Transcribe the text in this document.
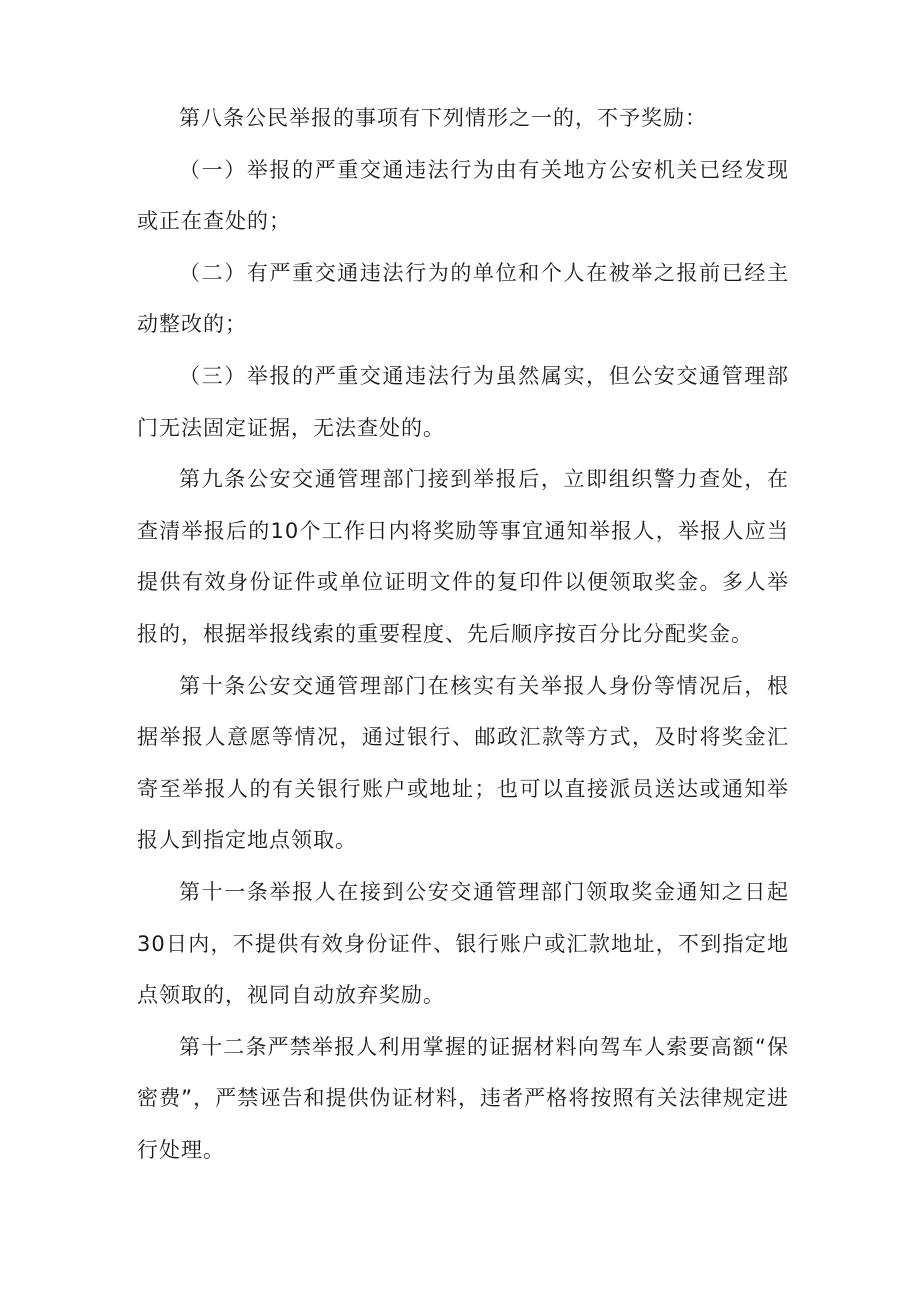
第八条公民举报的事项有下列情形之一的，不予奖励：

（一）举报的严重交通违法行为由有关地方公安机关已经发现或正在查处的；

（二）有严重交通违法行为的单位和个人在被举之报前已经主动整改的；

（三）举报的严重交通违法行为虽然属实，但公安交通管理部门无法固定证据，无法查处的。

第九条公安交通管理部门接到举报后，立即组织警力查处，在查清举报后的10个工作日内将奖励等事宜通知举报人，举报人应当提供有效身份证件或单位证明文件的复印件以便领取奖金。多人举报的，根据举报线索的重要程度、先后顺序按百分比分配奖金。

第十条公安交通管理部门在核实有关举报人身份等情况后，根据举报人意愿等情况，通过银行、邮政汇款等方式，及时将奖金汇寄至举报人的有关银行账户或地址；也可以直接派员送达或通知举报人到指定地点领取。

第十一条举报人在接到公安交通管理部门领取奖金通知之日起30日内，不提供有效身份证件、银行账户或汇款地址，不到指定地点领取的，视同自动放弃奖励。

第十二条严禁举报人利用掌握的证据材料向驾车人索要高额“保密费”，严禁诬告和提供伪证材料，违者严格将按照有关法律规定进行处理。
